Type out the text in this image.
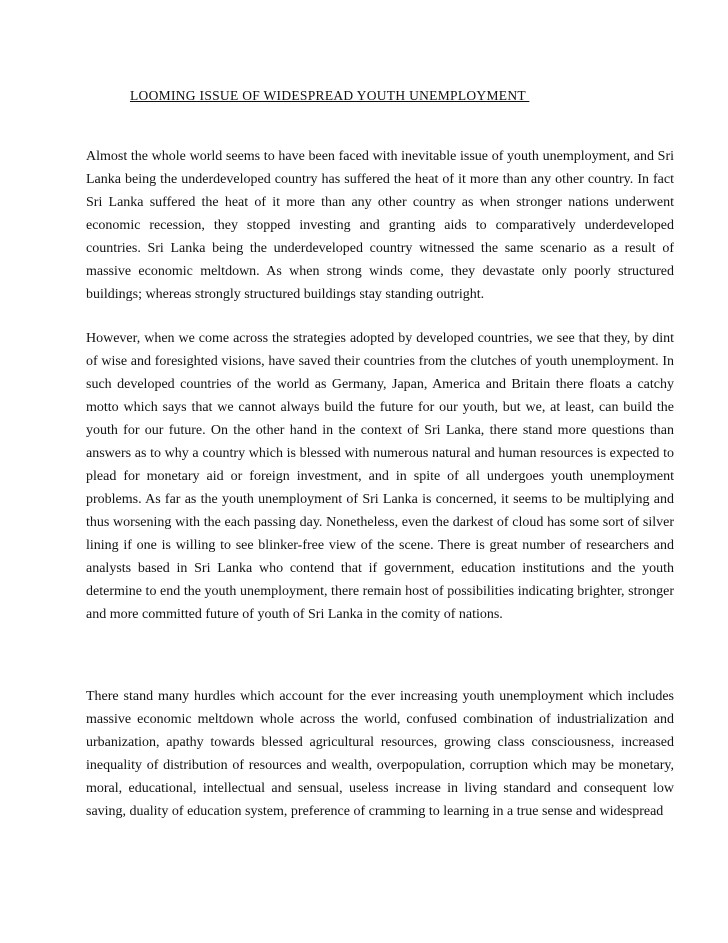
LOOMING ISSUE OF WIDESPREAD YOUTH UNEMPLOYMENT

Almost the whole world seems to have been faced with inevitable issue of youth unemployment, and Sri Lanka being the underdeveloped country has suffered the heat of it more than any other country. In fact Sri Lanka suffered the heat of it more than any other country as when stronger nations underwent economic recession, they stopped investing and granting aids to comparatively underdeveloped countries. Sri Lanka being the underdeveloped country witnessed the same scenario as a result of massive economic meltdown. As when strong winds come, they devastate only poorly structured buildings; whereas strongly structured buildings stay standing outright.

However, when we come across the strategies adopted by developed countries, we see that they, by dint of wise and foresighted visions, have saved their countries from the clutches of youth unemployment. In such developed countries of the world as Germany, Japan, America and Britain there floats a catchy motto which says that we cannot always build the future for our youth, but we, at least, can build the youth for our future. On the other hand in the context of Sri Lanka, there stand more questions than answers as to why a country which is blessed with numerous natural and human resources is expected to plead for monetary aid or foreign investment, and in spite of all undergoes youth unemployment problems. As far as the youth unemployment of Sri Lanka is concerned, it seems to be multiplying and thus worsening with the each passing day. Nonetheless, even the darkest of cloud has some sort of silver lining if one is willing to see blinker-free view of the scene. There is great number of researchers and analysts based in Sri Lanka who contend that if government, education institutions and the youth determine to end the youth unemployment, there remain host of possibilities indicating brighter, stronger and more committed future of youth of Sri Lanka in the comity of nations.

There stand many hurdles which account for the ever increasing youth unemployment which includes massive economic meltdown whole across the world, confused combination of industrialization and urbanization, apathy towards blessed agricultural resources, growing class consciousness, increased inequality of distribution of resources and wealth, overpopulation, corruption which may be monetary, moral, educational, intellectual and sensual, useless increase in living standard and consequent low saving, duality of education system, preference of cramming to learning in a true sense and widespread
